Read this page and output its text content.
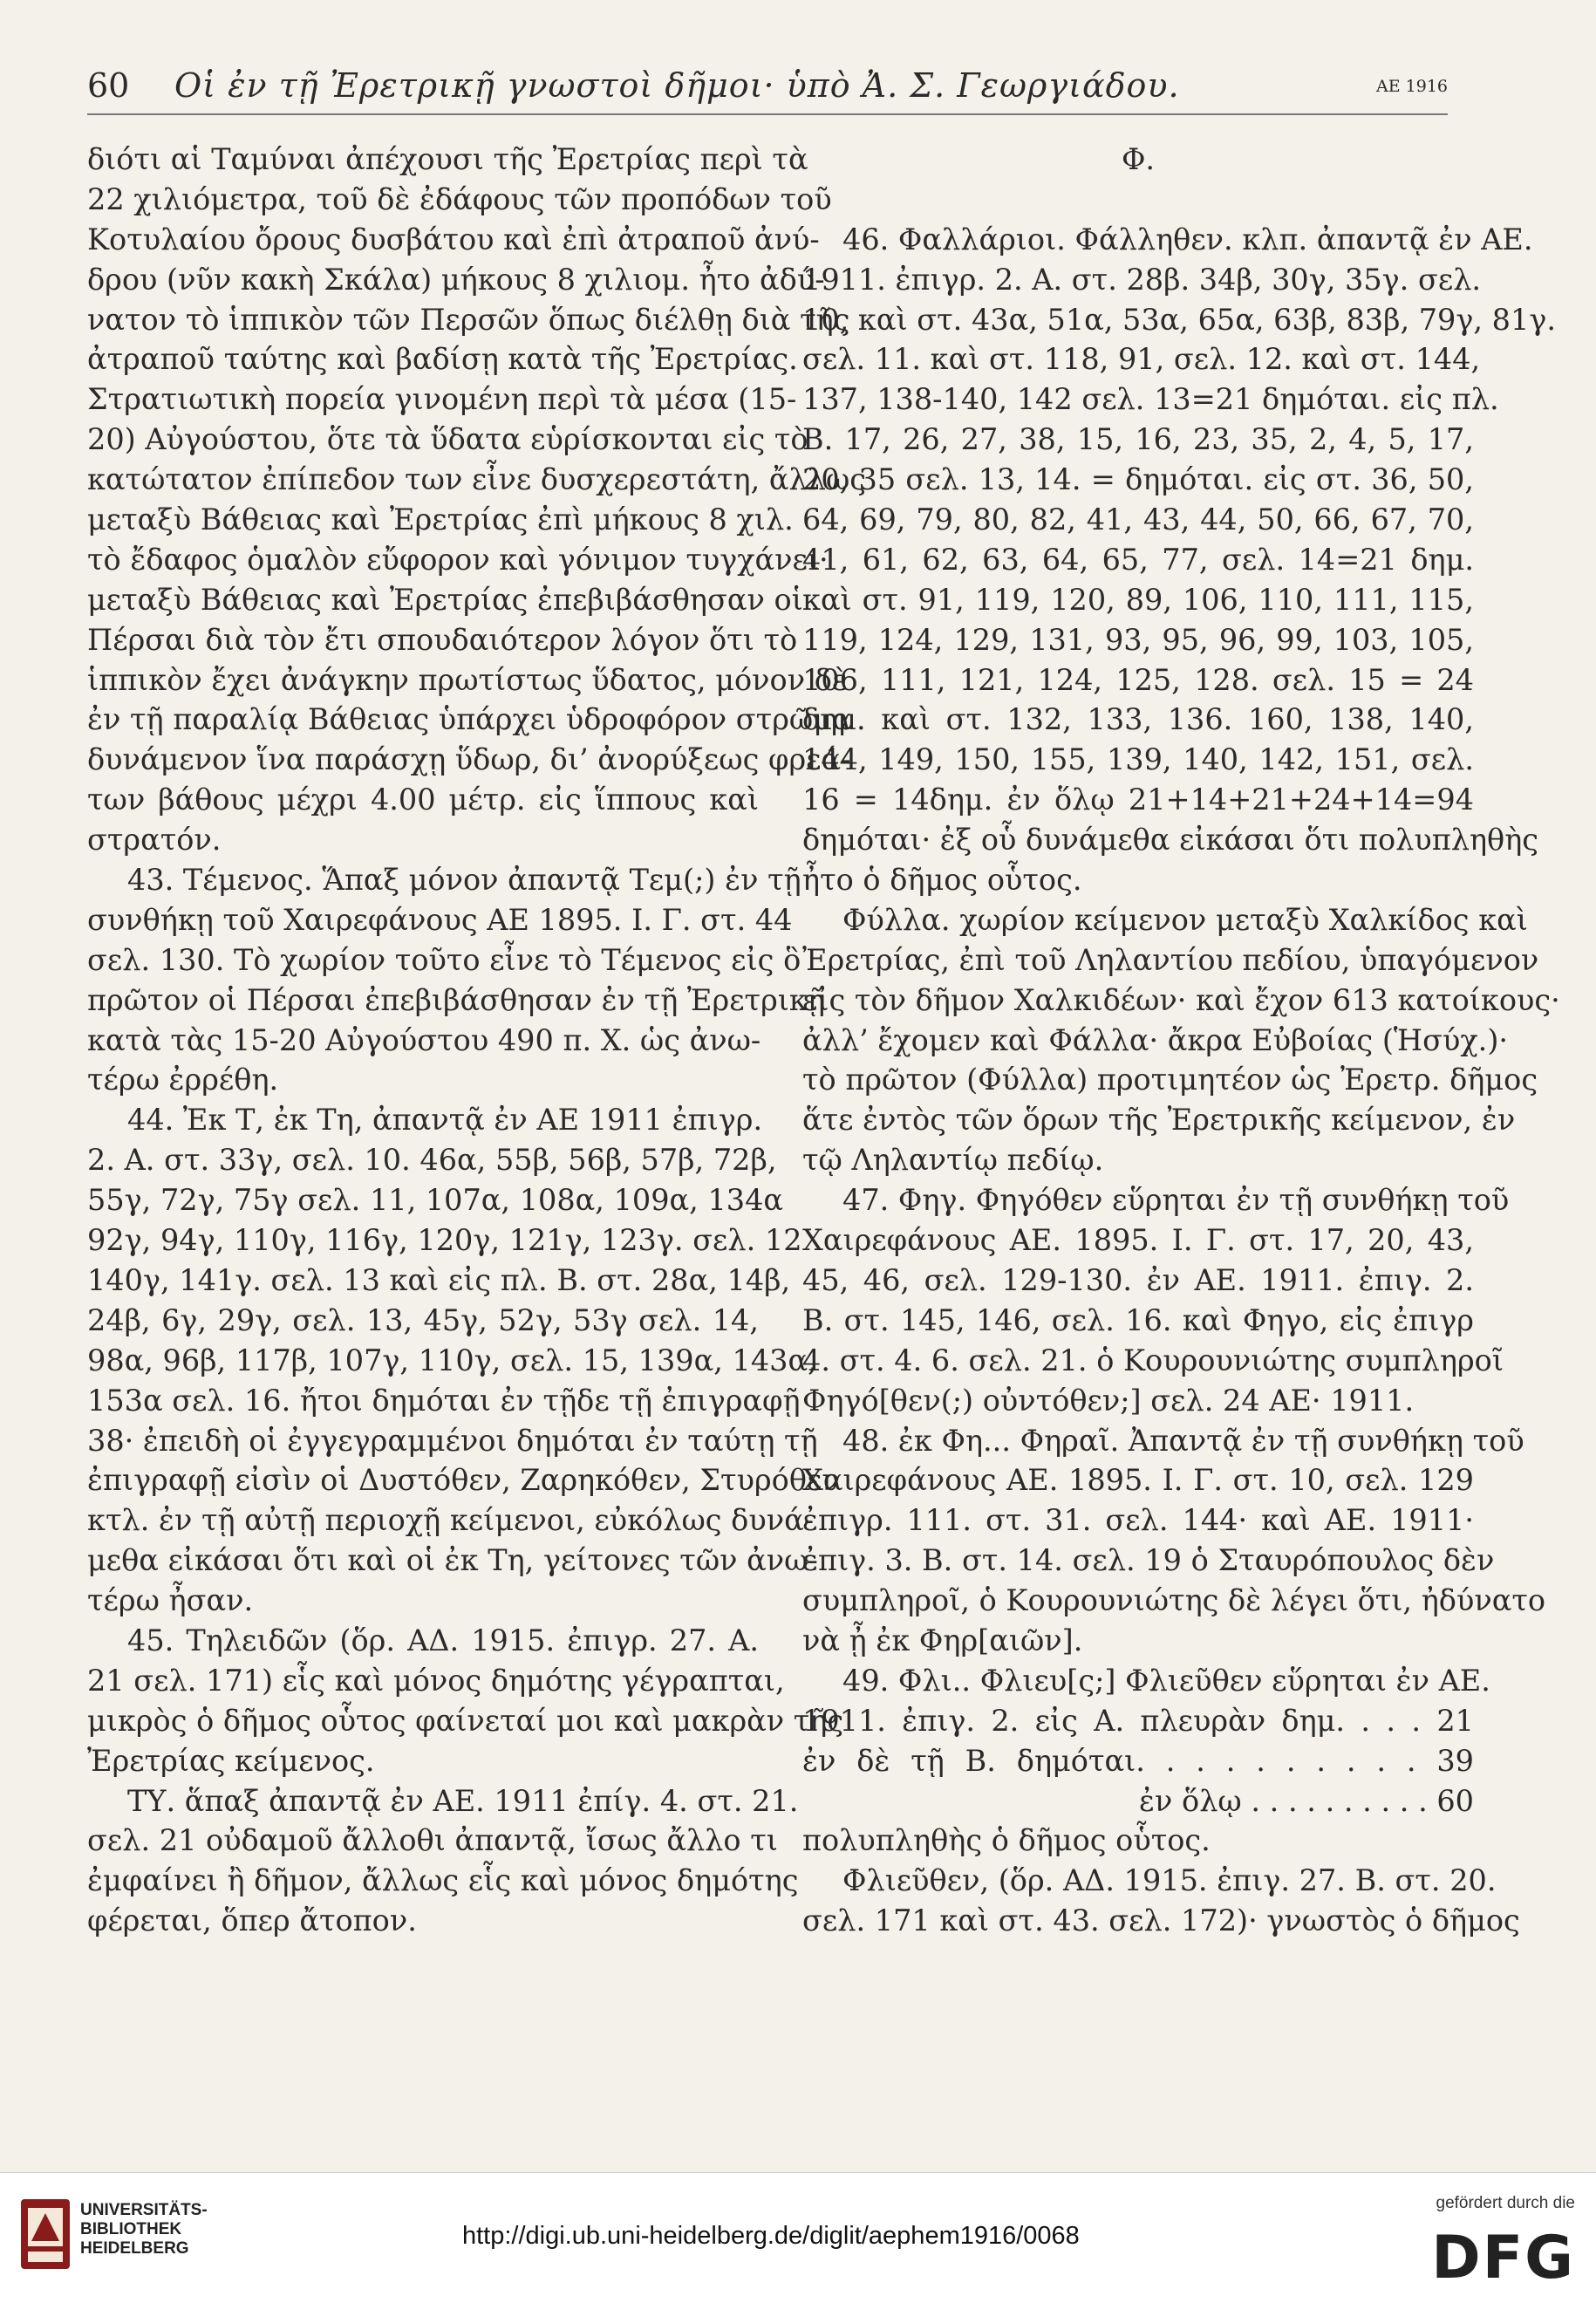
60 Οἱ ἐν τῇ Ἐρετρικῇ γνωστοὶ δῆμοι· ὑπὸ Ἀ. Σ. Γεωργιάδου.	ΑΕ 1916
διότι αἱ Ταμύναι ἀπέχουσι τῆς Ἐρετρίας περὶ τὰ
22 χιλιόμετρα, τοῦ δὲ ἐδάφους τῶν προπόδων τοῦ
Κοτυλαίου ὄρους δυσβάτου καὶ ἐπὶ ἀτραποῦ ἀνύ-
δρου (νῦν κακὴ Σκάλα) μήκους 8 χιλιομ. ἦτο ἀδύ-
νατον τὸ ἱππικὸν τῶν Περσῶν ὅπως διέλθῃ διὰ τῆς
ἀτραποῦ ταύτης καὶ βαδίσῃ κατὰ τῆς Ἐρετρίας.
Στρατιωτικὴ πορεία γινομένη περὶ τὰ μέσα (15-
20) Αὐγούστου, ὅτε τὰ ὕδατα εὑρίσκονται εἰς τὸ
κατώτατον ἐπίπεδον των εἶνε δυσχερεστάτη, ἄλλως
μεταξὺ Βάθειας καὶ Ἐρετρίας ἐπὶ μήκους 8 χιλ.
τὸ ἔδαφος ὁμαλὸν εὔφορον καὶ γόνιμον τυγχάνει·
μεταξὺ Βάθειας καὶ Ἐρετρίας ἐπεβιβάσθησαν οἱ
Πέρσαι διὰ τὸν ἔτι σπουδαιότερον λόγον ὅτι τὸ
ἱππικὸν ἔχει ἀνάγκην πρωτίστως ὕδατος, μόνον δὲ
ἐν τῇ παραλίᾳ Βάθειας ὑπάρχει ὑδροφόρον στρῶμα
δυνάμενον ἵνα παράσχῃ ὕδωρ, δι’ ἀνορύξεως φρεά-
των βάθους μέχρι 4.00 μέτρ. εἰς ἵππους καὶ
στρατόν.
43. Τέμενος. Ἅπαξ μόνον ἀπαντᾷ Τεμ(;) ἐν τῇ
συνθήκῃ τοῦ Χαιρεφάνους ΑΕ 1895. Ι. Γ. στ. 44
σελ. 130. Τὸ χωρίον τοῦτο εἶνε τὸ Τέμενος εἰς ὃ
πρῶτον οἱ Πέρσαι ἐπεβιβάσθησαν ἐν τῇ Ἐρετρικῇ
κατὰ τὰς 15-20 Αὐγούστου 490 π. Χ. ὡς ἀνω-
τέρω ἐρρέθη.
44. Ἐκ Τ, ἐκ Τη, ἀπαντᾷ ἐν ΑΕ 1911 ἐπιγρ.
2. Α. στ. 33γ, σελ. 10. 46α, 55β, 56β, 57β, 72β,
55γ, 72γ, 75γ σελ. 11, 107α, 108α, 109α, 134α
92γ, 94γ, 110γ, 116γ, 120γ, 121γ, 123γ. σελ. 12
140γ, 141γ. σελ. 13 καὶ εἰς πλ. Β. στ. 28α, 14β,
24β, 6γ, 29γ, σελ. 13, 45γ, 52γ, 53γ σελ. 14,
98α, 96β, 117β, 107γ, 110γ, σελ. 15, 139α, 143α,
153α σελ. 16. ἤτοι δημόται ἐν τῇδε τῇ ἐπιγραφῇ
38· ἐπειδὴ οἱ ἐγγεγραμμένοι δημόται ἐν ταύτῃ τῇ
ἐπιγραφῇ εἰσὶν οἱ Δυστόθεν, Ζαρηκόθεν, Στυρόθεν
κτλ. ἐν τῇ αὐτῇ περιοχῇ κείμενοι, εὐκόλως δυνά-
μεθα εἰκάσαι ὅτι καὶ οἱ ἐκ Τη, γείτονες τῶν ἀνω-
τέρω ἦσαν.
45. Τηλειδῶν (ὅρ. ΑΔ. 1915. ἐπιγρ. 27. Α.
21 σελ. 171) εἷς καὶ μόνος δημότης γέγραπται,
μικρὸς ὁ δῆμος οὗτος φαίνεταί μοι καὶ μακρὰν τῆς
Ἐρετρίας κείμενος.
ΤΥ. ἅπαξ ἀπαντᾷ ἐν ΑΕ. 1911 ἐπίγ. 4. στ. 21.
σελ. 21 οὐδαμοῦ ἄλλοθι ἀπαντᾷ, ἴσως ἄλλο τι
ἐμφαίνει ἢ δῆμον, ἄλλως εἷς καὶ μόνος δημότης
φέρεται, ὅπερ ἄτοπον.
Φ.
46. Φαλλάριοι. Φάλληθεν. κλπ. ἀπαντᾷ ἐν ΑΕ.
1911. ἐπιγρ. 2. Α. στ. 28β. 34β, 30γ, 35γ. σελ.
10, καὶ στ. 43α, 51α, 53α, 65α, 63β, 83β, 79γ, 81γ.
σελ. 11. καὶ στ. 118, 91, σελ. 12. καὶ στ. 144,
137, 138-140, 142 σελ. 13=21 δημόται. εἰς πλ.
Β. 17, 26, 27, 38, 15, 16, 23, 35, 2, 4, 5, 17,
20, 35 σελ. 13, 14. = δημόται. εἰς στ. 36, 50,
64, 69, 79, 80, 82, 41, 43, 44, 50, 66, 67, 70,
41, 61, 62, 63, 64, 65, 77, σελ. 14=21 δημ.
καὶ στ. 91, 119, 120, 89, 106, 110, 111, 115,
119, 124, 129, 131, 93, 95, 96, 99, 103, 105,
106, 111, 121, 124, 125, 128. σελ. 15 = 24
δημ. καὶ στ. 132, 133, 136. 160, 138, 140,
144, 149, 150, 155, 139, 140, 142, 151, σελ.
16 = 14δημ. ἐν ὅλῳ 21+14+21+24+14=94
δημόται· ἐξ οὗ δυνάμεθα εἰκάσαι ὅτι πολυπληθὴς
ἦτο ὁ δῆμος οὗτος.
Φύλλα. χωρίον κείμενον μεταξὺ Χαλκίδος καὶ
Ἐρετρίας, ἐπὶ τοῦ Ληλαντίου πεδίου, ὑπαγόμενον
εἰς τὸν δῆμον Χαλκιδέων· καὶ ἔχον 613 κατοίκους·
ἀλλ’ ἔχομεν καὶ Φάλλα· ἄκρα Εὐβοίας (Ἡσύχ.)·
τὸ πρῶτον (Φύλλα) προτιμητέον ὡς Ἐρετρ. δῆμος
ἅτε ἐντὸς τῶν ὅρων τῆς Ἐρετρικῆς κείμενον, ἐν
τῷ Ληλαντίῳ πεδίῳ.
47. Φηγ. Φηγόθεν εὕρηται ἐν τῇ συνθήκῃ τοῦ
Χαιρεφάνους ΑΕ. 1895. Ι. Γ. στ. 17, 20, 43,
45, 46, σελ. 129-130. ἐν ΑΕ. 1911. ἐπιγ. 2.
Β. στ. 145, 146, σελ. 16. καὶ Φηγο, εἰς ἐπιγρ
4. στ. 4. 6. σελ. 21. ὁ Κουρουνιώτης συμπληροῖ
Φηγό[θεν(;) οὐντόθεν;] σελ. 24 ΑΕ· 1911.
48. ἐκ Φη... Φηραῖ. Ἀπαντᾷ ἐν τῇ συνθήκῃ τοῦ
Χαιρεφάνους ΑΕ. 1895. Ι. Γ. στ. 10, σελ. 129
ἐπιγρ. 111. στ. 31. σελ. 144· καὶ ΑΕ. 1911·
ἐπιγ. 3. Β. στ. 14. σελ. 19 ὁ Σταυρόπουλος δὲν
συμπληροῖ, ὁ Κουρουνιώτης δὲ λέγει ὅτι, ἠδύνατο
νὰ ᾖ ἐκ Φηρ[αιῶν].
49. Φλι.. Φλιευ[ς;] Φλιεῦθεν εὕρηται ἐν ΑΕ.
1911. ἐπιγ. 2. εἰς Α. πλευρὰν δημ. . . . 21
ἐν δὲ τῇ Β. δημόται. . . . . . . . . . 39
ἐν ὅλῳ . . . . . . . . . . 60
πολυπληθὴς ὁ δῆμος οὗτος.
Φλιεῦθεν, (ὅρ. ΑΔ. 1915. ἐπιγ. 27. Β. στ. 20.
σελ. 171 καὶ στ. 43. σελ. 172)· γνωστὸς ὁ δῆμος
UNIVERSITÄTS-
BIBLIOTHEK
HEIDELBERG	http://digi.ub.uni-heidelberg.de/diglit/aephem1916/0068
gefördert durch die
DFG
